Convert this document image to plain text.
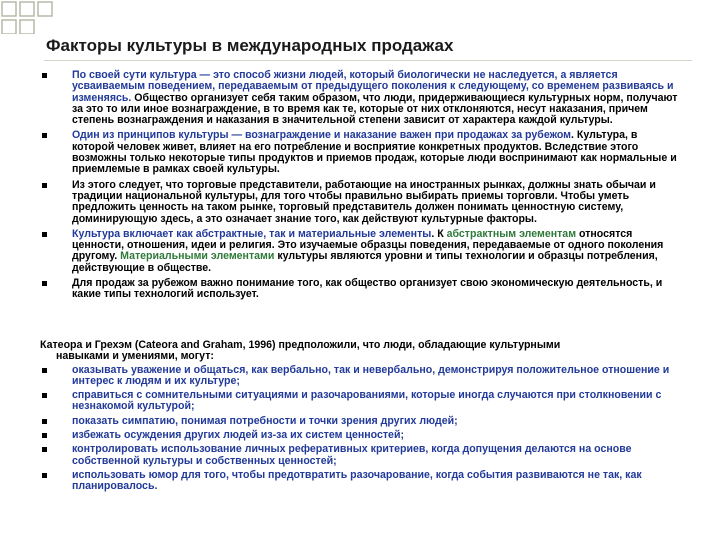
Факторы культуры в международных продажах
По своей сути культура — это способ жизни людей, который биологически не наследуется, а является усваиваемым поведением, передаваемым от предыдущего поколения к следующему, со временем развиваясь и изменяясь. Общество организует себя таким образом, что люди, придерживающиеся культурных норм, получают за это то или иное вознаграждение, в то время как те, которые от них отклоняются, несут наказания, причем степень вознаграждения и наказания в значительной степени зависит от характера каждой культуры.
Один из принципов культуры — вознаграждение и наказание важен при продажах за рубежом. Культура, в которой человек живет, влияет на его потребление и восприятие конкретных продуктов. Вследствие этого возможны только некоторые типы продуктов и приемов продаж, которые люди воспринимают как нормальные и приемлемые в рамках своей культуры.
Из этого следует, что торговые представители, работающие на иностранных рынках, должны знать обычаи и традиции национальной культуры, для того чтобы правильно выбирать приемы торговли. Чтобы уметь предложить ценность на таком рынке, торговый представитель должен понимать ценностную систему, доминирующую здесь, а это означает знание того, как действуют культурные факторы.
Культура включает как абстрактные, так и материальные элементы. К абстрактным элементам относятся ценности, отношения, идеи и религия. Это изучаемые образцы поведения, передаваемые от одного поколения другому. Материальными элементами культуры являются уровни и типы технологии и образцы потребления, действующие в обществе.
Для продаж за рубежом важно понимание того, как общество организует свою экономическую деятельность, и какие типы технологий использует.

Катеора и Грехэм (Cateora and Graham, 1996) предположили, что люди, обладающие культурными
навыками и умениями, могут:

оказывать уважение и общаться, как вербально, так и невербально, демонстрируя положительное отношение и интерес к людям и их культуре;
справиться с сомнительными ситуациями и разочарованиями, которые иногда случаются при столкновении с незнакомой культурой;
показать симпатию, понимая потребности и точки зрения других людей;
избежать осуждения других людей из-за их систем ценностей;
контролировать использование личных реферативных критериев, когда допущения делаются на основе собственной культуры и собственных ценностей;
использовать юмор для того, чтобы предотвратить разочарование, когда события развиваются не так, как планировалось.
